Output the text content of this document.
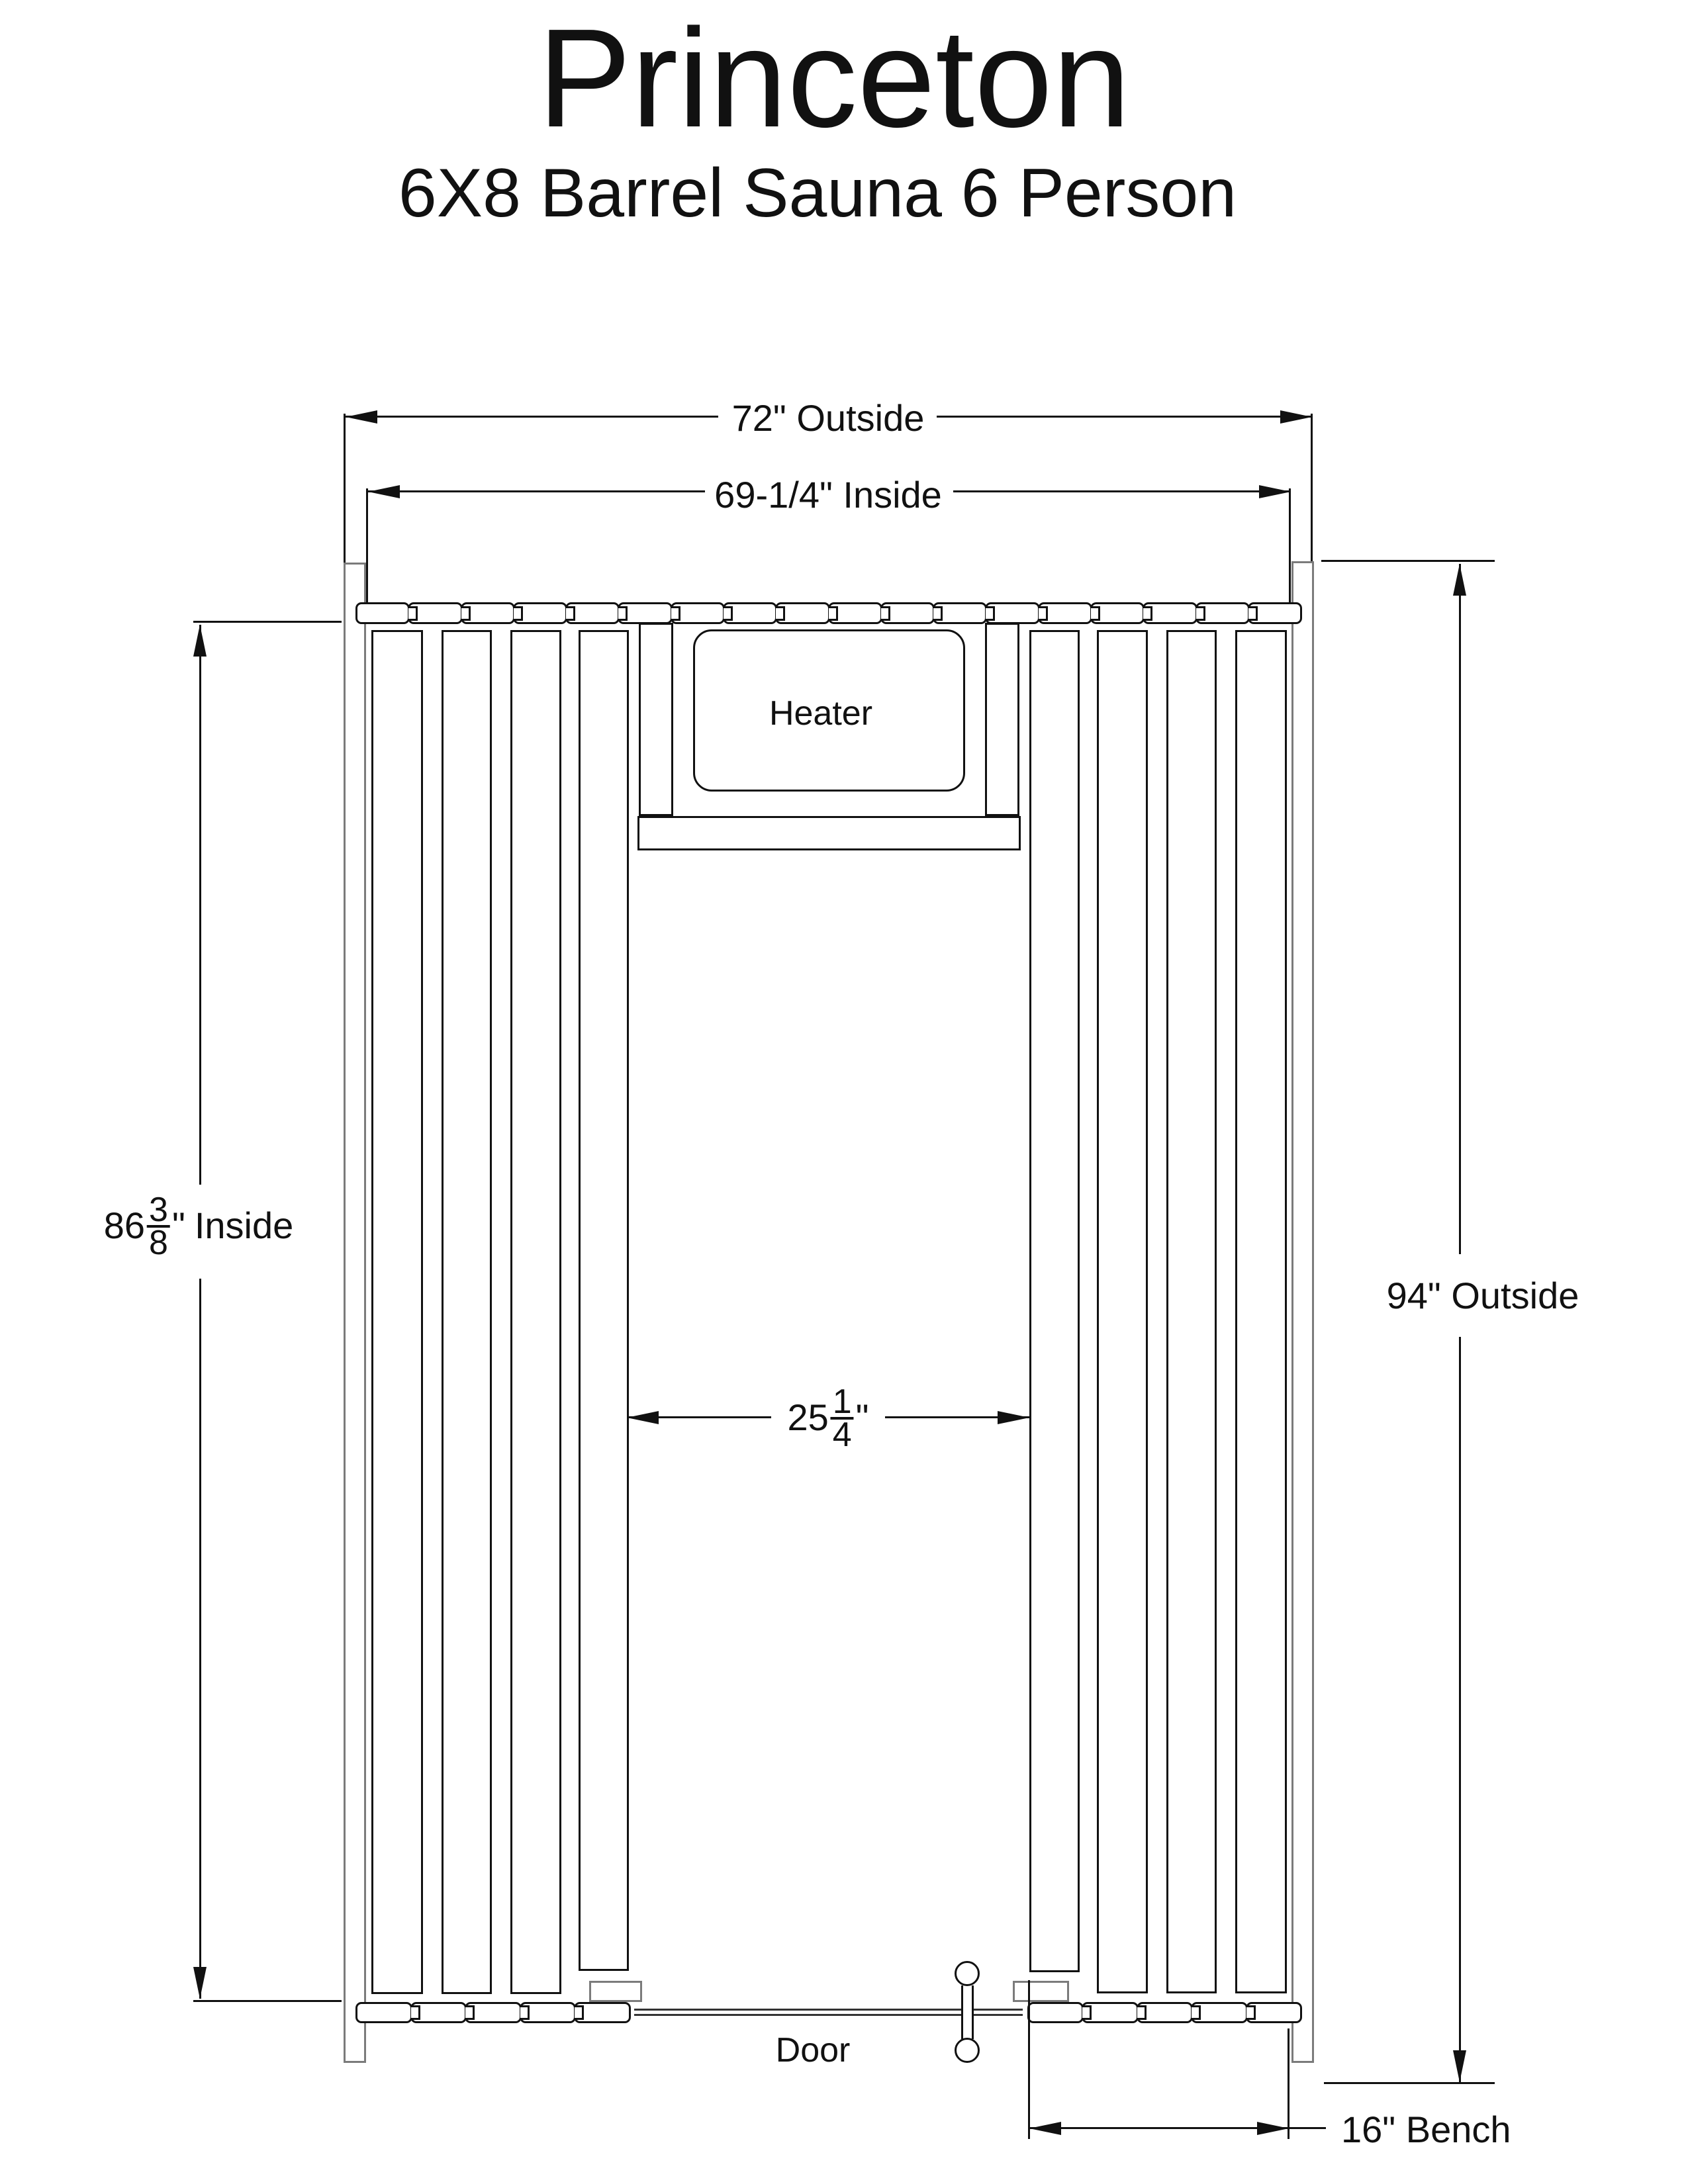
Princeton
6X8 Barrel Sauna 6 Person
72" Outside
69-1/4" Inside
$86 \frac{3}{8}$ " Inside
94" Outside
Heater
$25 \frac{1}{4}$ "
Door
16" Bench
